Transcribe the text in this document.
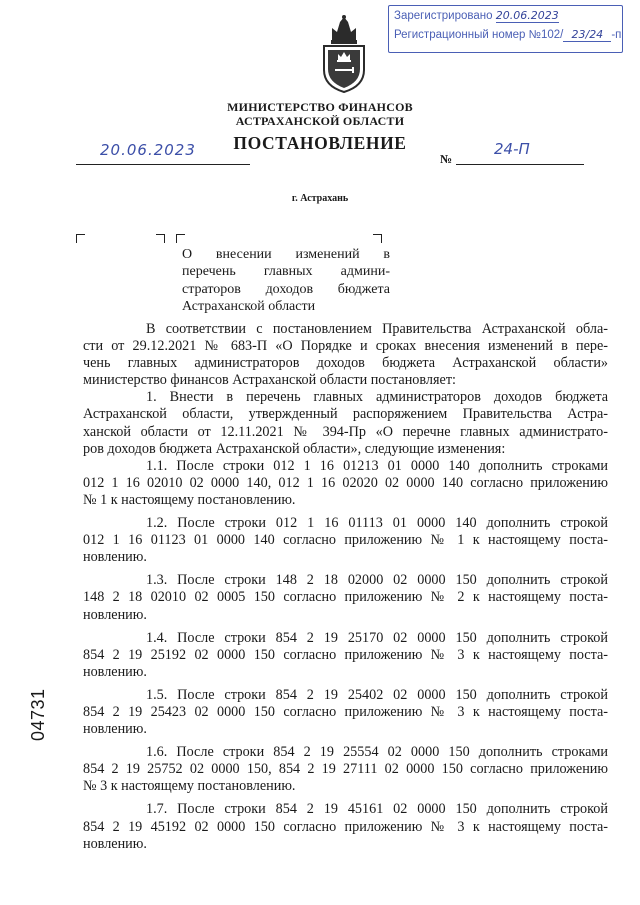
Зарегистрировано 20.06.2023
Регистрационный номер №102/ 23/24 -п
МИНИСТЕРСТВО ФИНАНСОВ
АСТРАХАНСКОЙ ОБЛАСТИ
ПОСТАНОВЛЕНИЕ
20.06.2023	№
24-П
г. Астрахань
О внесении изменений в
перечень главных админи-
страторов доходов бюджета
Астраханской области
В соответствии с постановлением Правительства Астраханской обла-
сти от 29.12.2021 № 683-П «О Порядке и сроках внесения изменений в пере-
чень главных администраторов доходов бюджета Астраханской области»
министерство финансов Астраханской области постановляет:
1. Внести в перечень главных администраторов доходов бюджета
Астраханской области, утвержденный распоряжением Правительства Астра-
ханской области от 12.11.2021 № 394-Пр «О перечне главных администрато-
ров доходов бюджета Астраханской области», следующие изменения:
1.1. После строки 012 1 16 01213 01 0000 140 дополнить строками
012 1 16 02010 02 0000 140, 012 1 16 02020 02 0000 140 согласно приложению
№ 1 к настоящему постановлению.
1.2. После строки 012 1 16 01113 01 0000 140 дополнить строкой
012 1 16 01123 01 0000 140 согласно приложению № 1 к настоящему поста-
новлению.
1.3. После строки 148 2 18 02000 02 0000 150 дополнить строкой
148 2 18 02010 02 0005 150 согласно приложению № 2 к настоящему поста-
новлению.
1.4. После строки 854 2 19 25170 02 0000 150 дополнить строкой
854 2 19 25192 02 0000 150 согласно приложению № 3 к настоящему поста-
новлению.
1.5. После строки 854 2 19 25402 02 0000 150 дополнить строкой
854 2 19 25423 02 0000 150 согласно приложению № 3 к настоящему поста-
новлению.
1.6. После строки 854 2 19 25554 02 0000 150 дополнить строками
854 2 19 25752 02 0000 150, 854 2 19 27111 02 0000 150 согласно приложению
№ 3 к настоящему постановлению.
1.7. После строки 854 2 19 45161 02 0000 150 дополнить строкой
854 2 19 45192 02 0000 150 согласно приложению № 3 к настоящему поста-
новлению.
04731
